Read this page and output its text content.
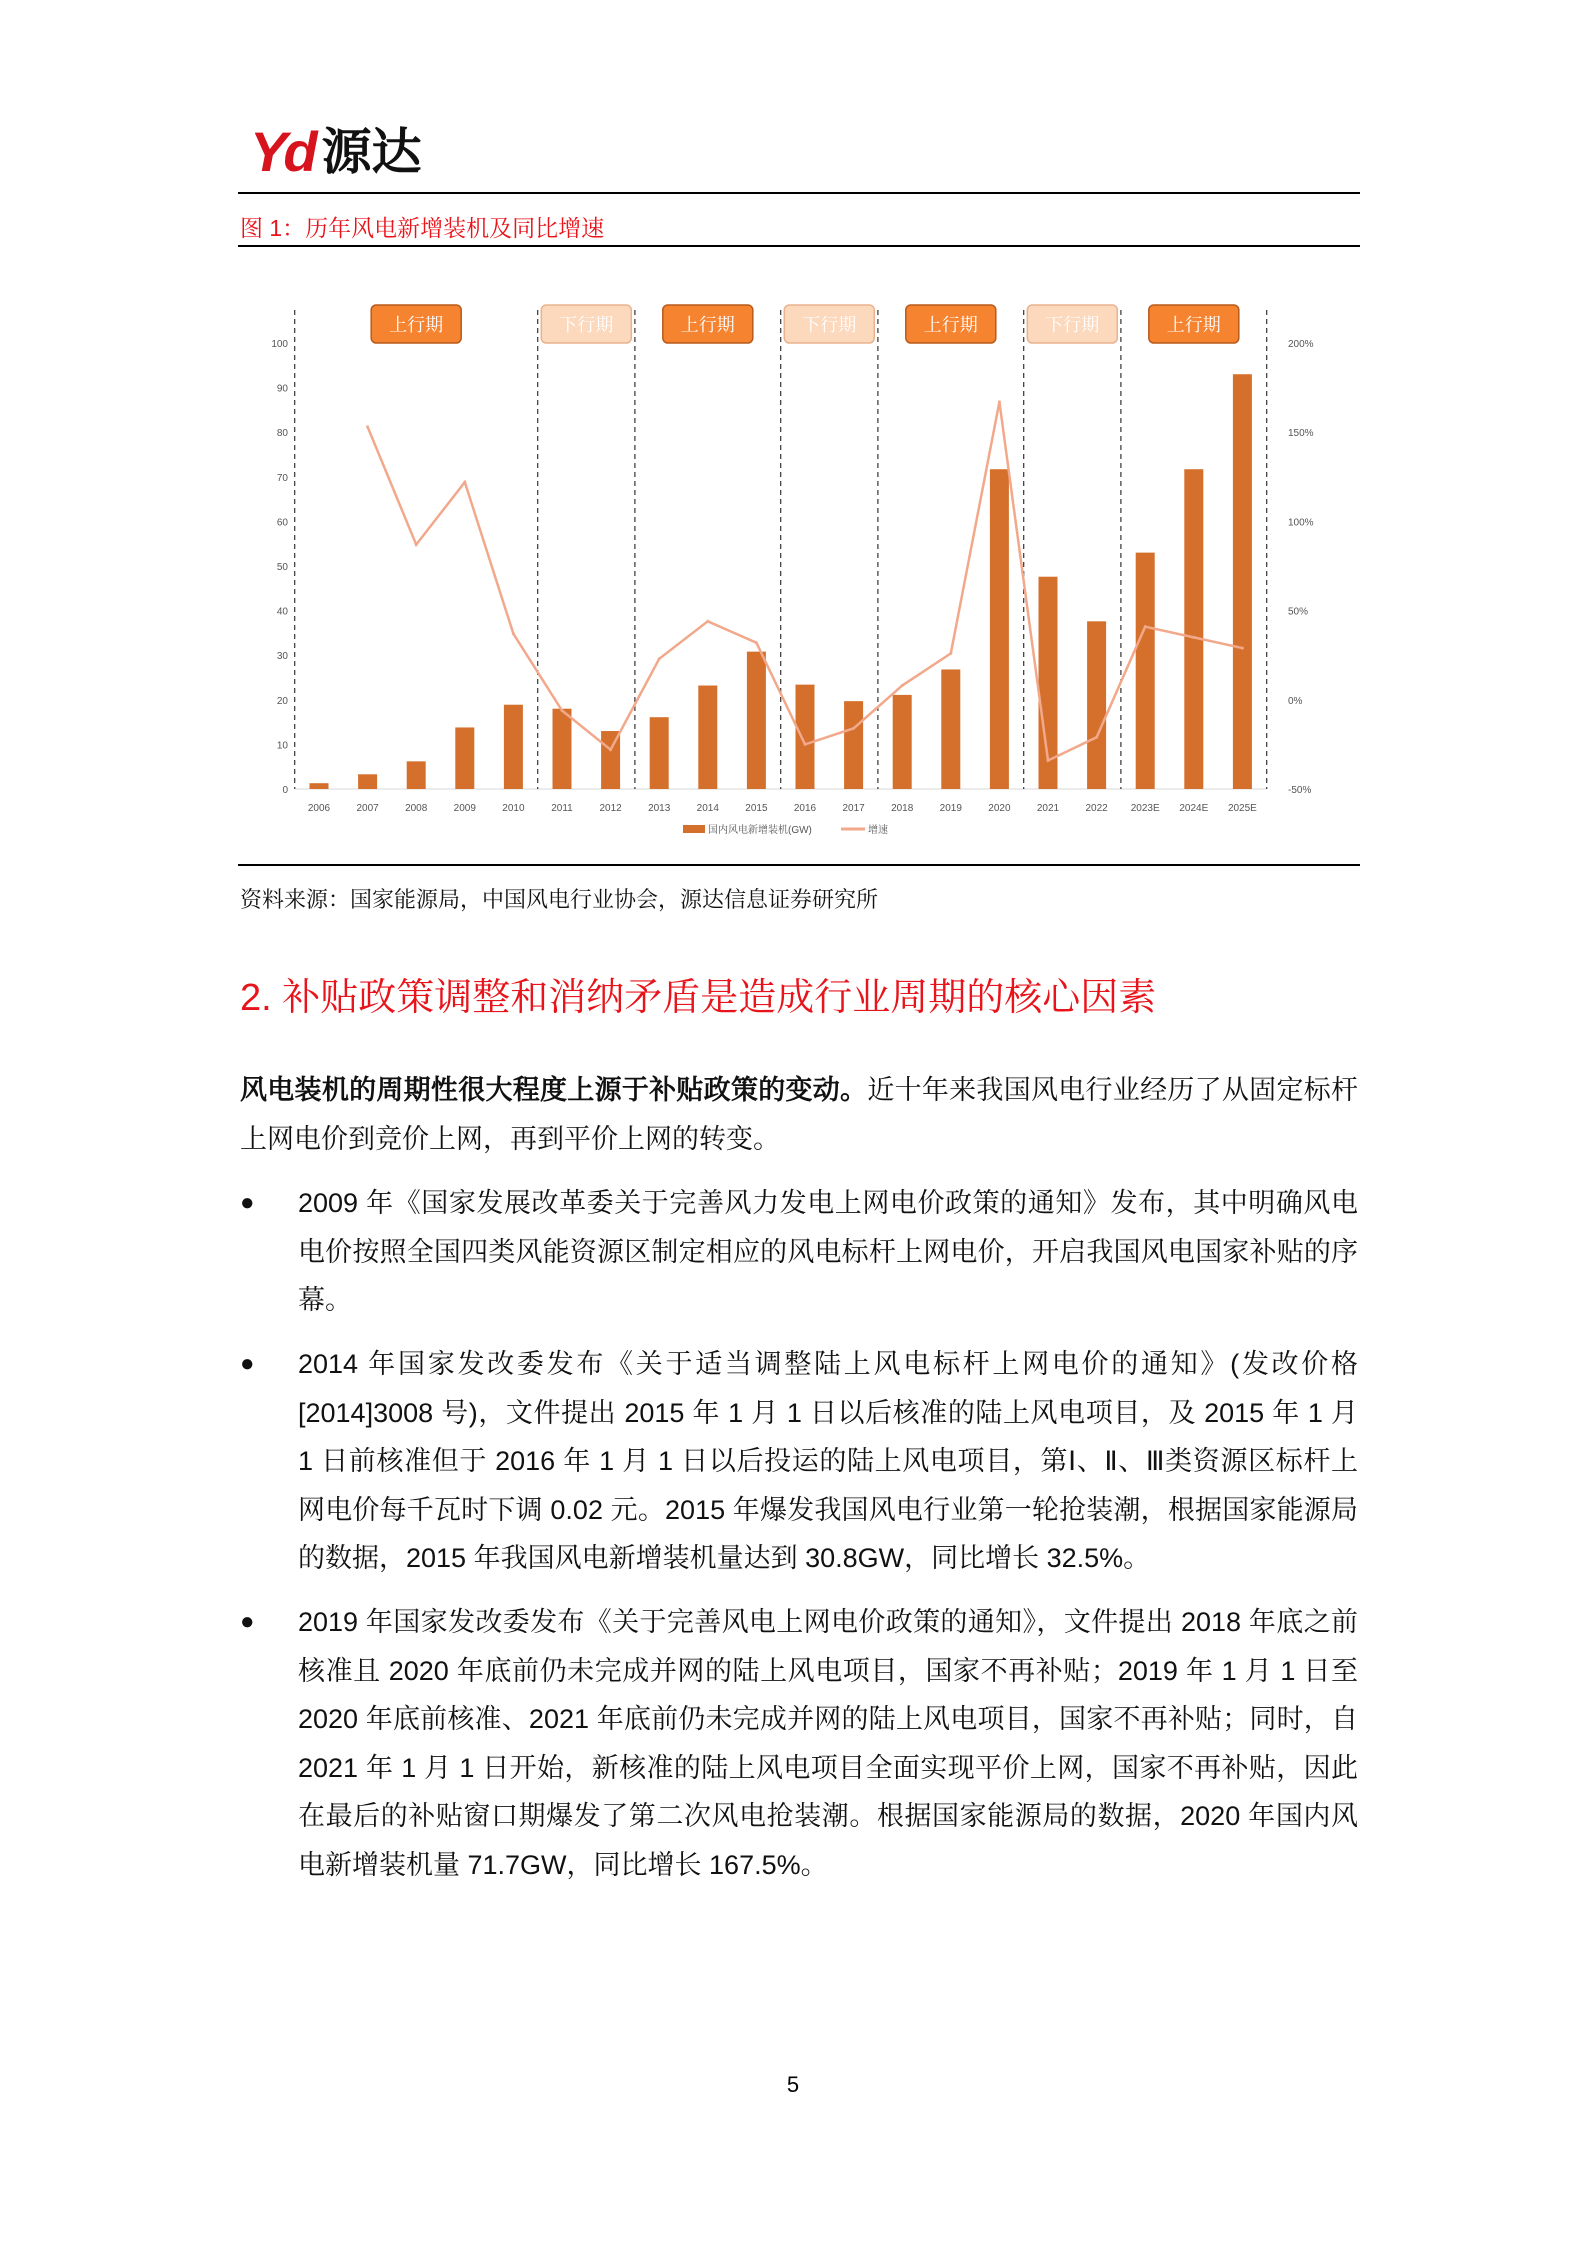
Yd 源达
图 1：历年风电新增装机及同比增速
0
10
20
30
40
50
60
70
80
90
100
-50%
0%
50%
100%
150%
200%
上行期	下行期	上行期	下行期	上行期	下行期	上行期
2006	2007	2008	2009	2010	2011	2012	2013	2014	2015	2016	2017	2018	2019	2020	2021	2022 2023E 2024E 2025E
国内风电新增装机(GW)	增速
资料来源：国家能源局，中国风电行业协会，源达信息证券研究所
2. 补贴政策调整和消纳矛盾是造成行业周期的核心因素
风电装机的周期性很大程度上源于补贴政策的变动。近十年来我国风电行业经历了从固定标杆上网电价到竞价上网，再到平价上网的转变。
●	2009 年《国家发展改革委关于完善风力发电上网电价政策的通知》发布，其中明确风电电价按照全国四类风能资源区制定相应的风电标杆上网电价，开启我国风电国家补贴的序幕。
●	2014 年国家发改委发布《关于适当调整陆上风电标杆上网电价的通知》(发改价格[2014]3008 号)，文件提出 2015 年 1 月 1 日以后核准的陆上风电项目，及 2015 年 1 月 1 日前核准但于 2016 年 1 月 1 日以后投运的陆上风电项目，第Ⅰ、Ⅱ、Ⅲ类资源区标杆上网电价每千瓦时下调 0.02 元。2015 年爆发我国风电行业第一轮抢装潮，根据国家能源局的数据，2015 年我国风电新增装机量达到 30.8GW，同比增长 32.5%。
●	2019 年国家发改委发布《关于完善风电上网电价政策的通知》，文件提出 2018 年底之前核准且 2020 年底前仍未完成并网的陆上风电项目，国家不再补贴；2019 年 1 月 1 日至 2020 年底前核准、2021 年底前仍未完成并网的陆上风电项目，国家不再补贴；同时，自 2021 年 1 月 1 日开始，新核准的陆上风电项目全面实现平价上网，国家不再补贴，因此在最后的补贴窗口期爆发了第二次风电抢装潮。根据国家能源局的数据，2020 年国内风电新增装机量 71.7GW，同比增长 167.5%。
5
